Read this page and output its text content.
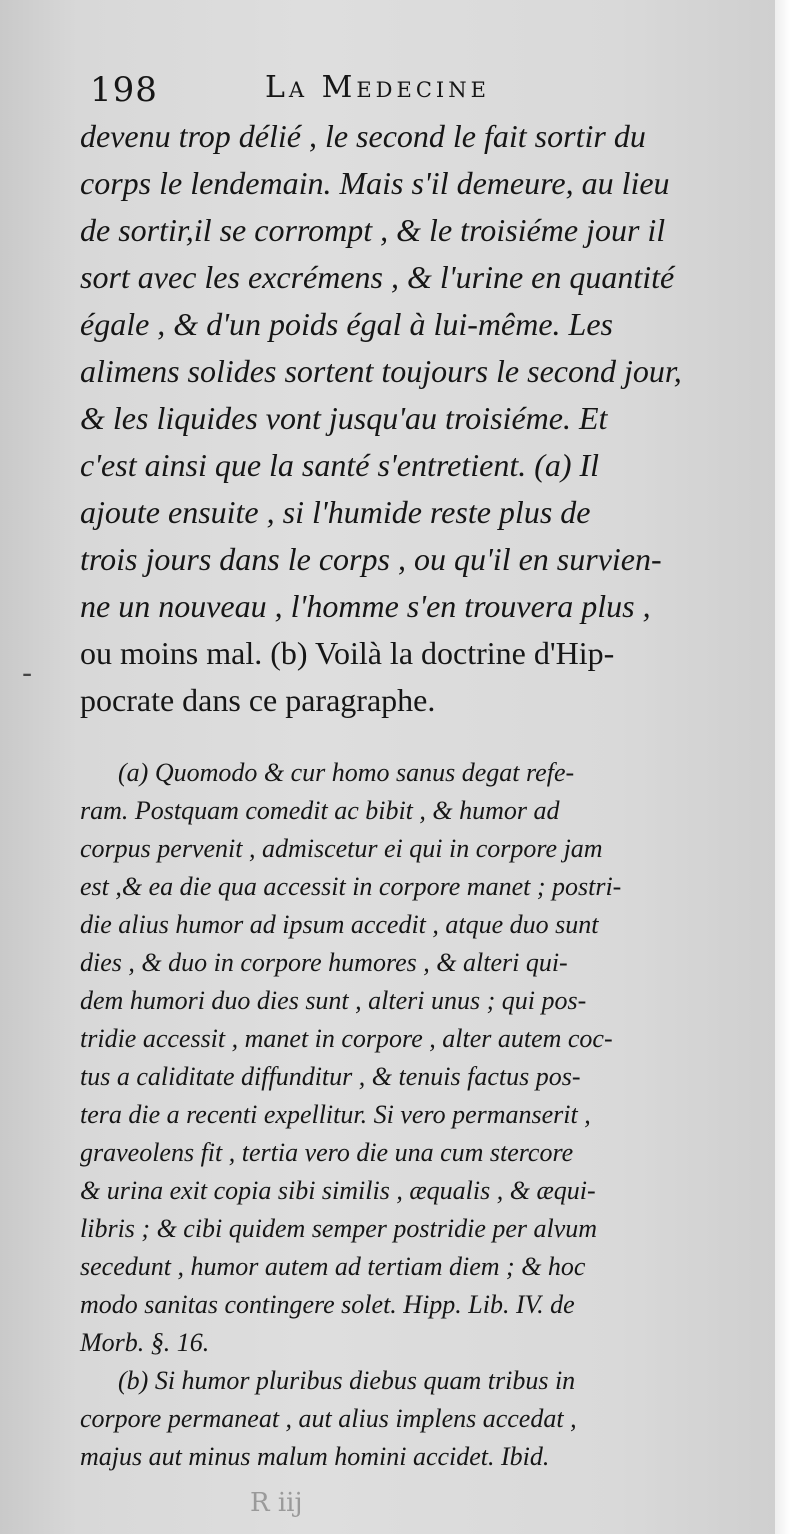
198	La Medecine
-
devenu trop délié , le second le fait sortir du
corps le lendemain. Mais s'il demeure, au lieu
de sortir,il se corrompt , & le troisiéme jour il
sort avec les excrémens , & l'urine en quantité
égale , & d'un poids égal à lui-même. Les
alimens solides sortent toujours le second jour,
& les liquides vont jusqu'au troisiéme. Et
c'est ainsi que la santé s'entretient. (a) Il
ajoute ensuite , si l'humide reste plus de
trois jours dans le corps , ou qu'il en survien-
ne un nouveau , l'homme s'en trouvera plus ,
ou moins mal. (b) Voilà la doctrine d'Hip-
pocrate dans ce paragraphe.
(a) Quomodo & cur homo sanus degat refe-
ram. Postquam comedit ac bibit , & humor ad
corpus pervenit , admiscetur ei qui in corpore jam
est ,& ea die qua accessit in corpore manet ; postri-
die alius humor ad ipsum accedit , atque duo sunt
dies , & duo in corpore humores , & alteri qui-
dem humori duo dies sunt , alteri unus ; qui pos-
tridie accessit , manet in corpore , alter autem coc-
tus a caliditate diffunditur , & tenuis factus pos-
tera die a recenti expellitur. Si vero permanserit ,
graveolens fit , tertia vero die una cum stercore
& urina exit copia sibi similis , æqualis , & æqui-
libris ; & cibi quidem semper postridie per alvum
secedunt , humor autem ad tertiam diem ; & hoc
modo sanitas contingere solet. Hipp. Lib. IV. de
Morb. §. 16.
(b) Si humor pluribus diebus quam tribus in
corpore permaneat , aut alius implens accedat ,
majus aut minus malum homini accidet. Ibid.
R iij
